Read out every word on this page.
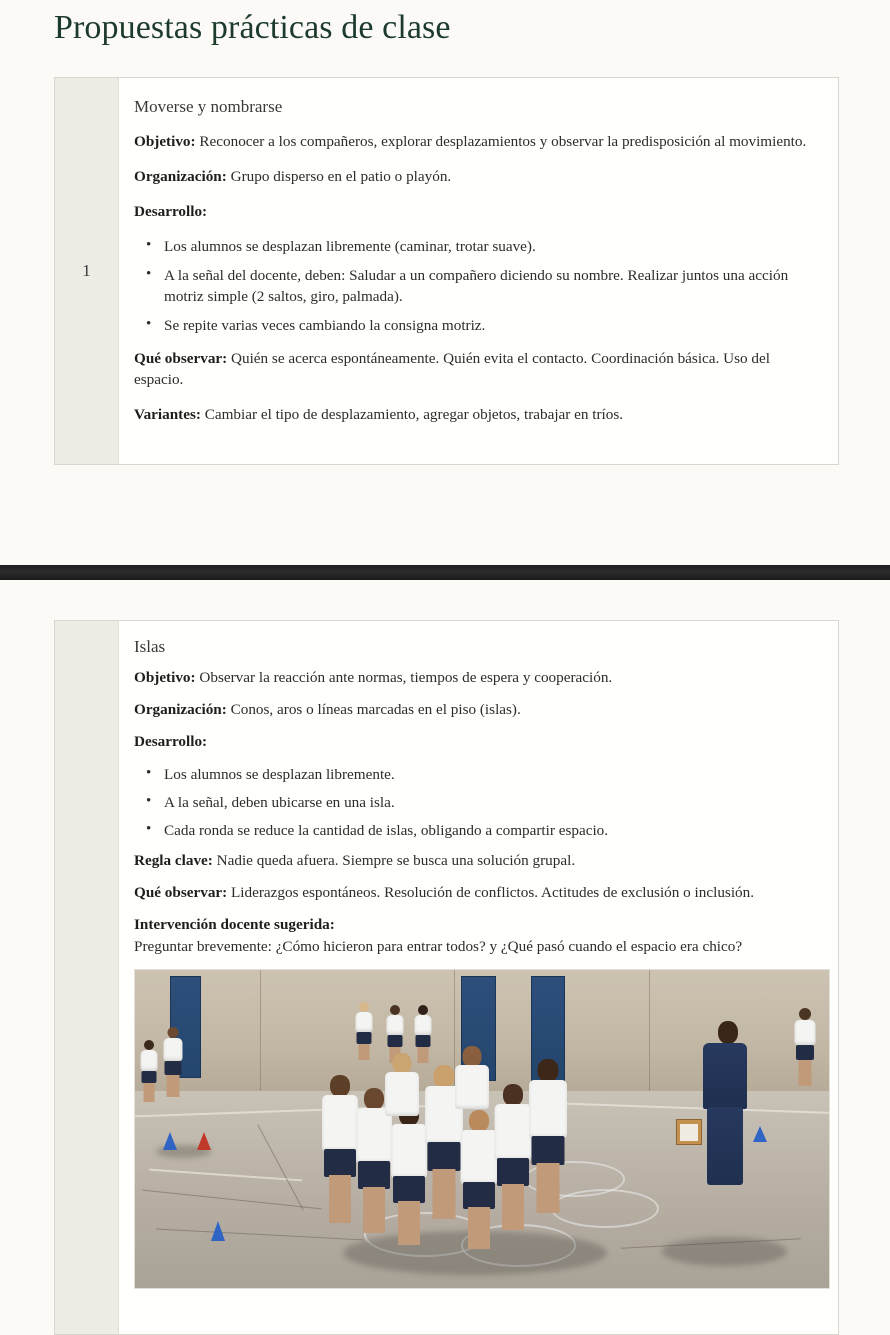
Propuestas prácticas de clase
1
Moverse y nombrarse

Objetivo: Reconocer a los compañeros, explorar desplazamientos y observar la predisposición al movimiento.

Organización: Grupo disperso en el patio o playón.

Desarrollo:

• Los alumnos se desplazan libremente (caminar, trotar suave).
• A la señal del docente, deben: Saludar a un compañero diciendo su nombre. Realizar juntos una acción motriz simple (2 saltos, giro, palmada).
• Se repite varias veces cambiando la consigna motriz.

Qué observar: Quién se acerca espontáneamente. Quién evita el contacto. Coordinación básica. Uso del espacio.

Variantes: Cambiar el tipo de desplazamiento, agregar objetos, trabajar en tríos.

Islas

Objetivo: Observar la reacción ante normas, tiempos de espera y cooperación.

Organización: Conos, aros o líneas marcadas en el piso (islas).

Desarrollo:

• Los alumnos se desplazan libremente.
• A la señal, deben ubicarse en una isla.
• Cada ronda se reduce la cantidad de islas, obligando a compartir espacio.

Regla clave: Nadie queda afuera. Siempre se busca una solución grupal.

Qué observar: Liderazgos espontáneos. Resolución de conflictos. Actitudes de exclusión o inclusión.

Intervención docente sugerida:

Preguntar brevemente: ¿Cómo hicieron para entrar todos? y ¿Qué pasó cuando el espacio era chico?
